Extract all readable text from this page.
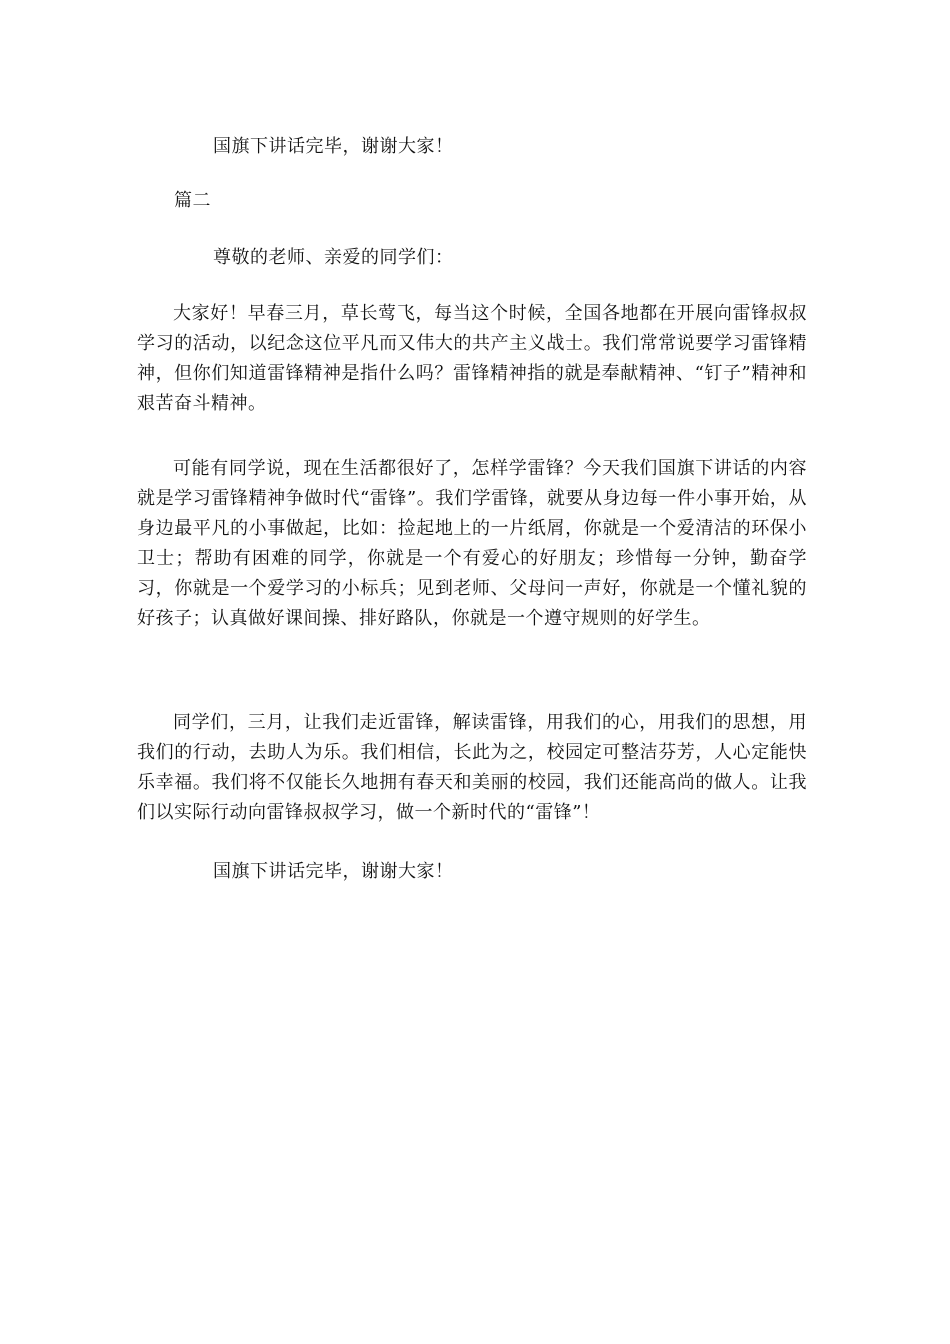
国旗下讲话完毕，谢谢大家！

篇二

尊敬的老师、亲爱的同学们：

大家好！早春三月，草长莺飞，每当这个时候，全国各地都在开展向雷锋叔叔学习的活动，以纪念这位平凡而又伟大的共产主义战士。我们常常说要学习雷锋精神，但你们知道雷锋精神是指什么吗？雷锋精神指的就是奉献精神、“钉子”精神和艰苦奋斗精神。

可能有同学说，现在生活都很好了，怎样学雷锋？今天我们国旗下讲话的内容就是学习雷锋精神争做时代“雷锋”。我们学雷锋，就要从身边每一件小事开始，从身边最平凡的小事做起，比如：捡起地上的一片纸屑，你就是一个爱清洁的环保小卫士；帮助有困难的同学，你就是一个有爱心的好朋友；珍惜每一分钟，勤奋学习，你就是一个爱学习的小标兵；见到老师、父母问一声好，你就是一个懂礼貌的好孩子；认真做好课间操、排好路队，你就是一个遵守规则的好学生。

同学们，三月，让我们走近雷锋，解读雷锋，用我们的心，用我们的思想，用我们的行动，去助人为乐。我们相信，长此为之，校园定可整洁芬芳，人心定能快乐幸福。我们将不仅能长久地拥有春天和美丽的校园，我们还能高尚的做人。让我们以实际行动向雷锋叔叔学习，做一个新时代的“雷锋”！

国旗下讲话完毕，谢谢大家！
